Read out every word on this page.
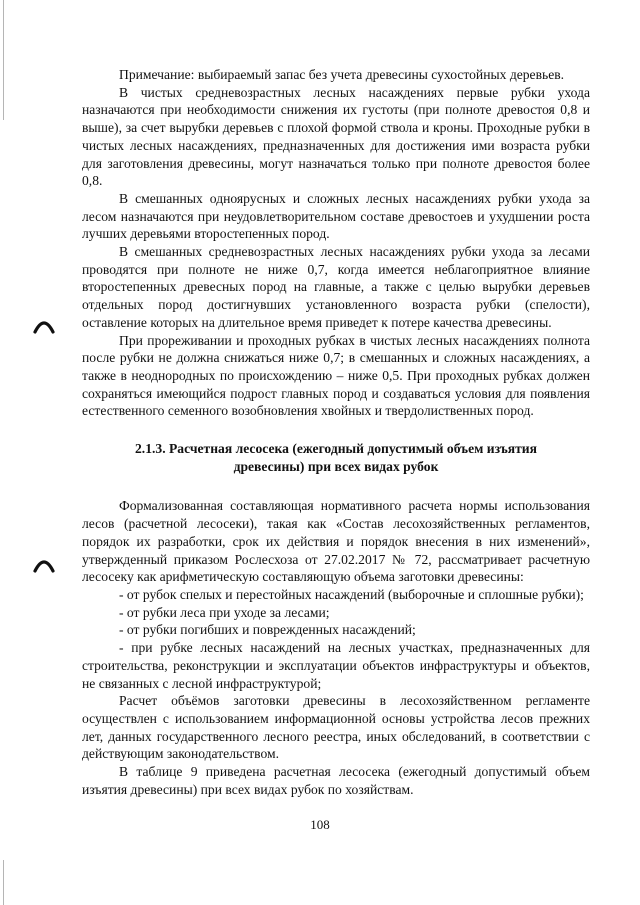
Примечание: выбираемый запас без учета древесины сухостойных деревьев.

В чистых средневозрастных лесных насаждениях первые рубки ухода назначаются при необходимости снижения их густоты (при полноте древостоя 0,8 и выше), за счет вырубки деревьев с плохой формой ствола и кроны. Проходные рубки в чистых лесных насаждениях, предназначенных для достижения ими возраста рубки для заготовления древесины, могут назначаться только при полноте древостоя более 0,8.

В смешанных одноярусных и сложных лесных насаждениях рубки ухода за лесом назначаются при неудовлетворительном составе древостоев и ухудшении роста лучших деревьями второстепенных пород.

В смешанных средневозрастных лесных насаждениях рубки ухода за лесами проводятся при полноте не ниже 0,7, когда имеется неблагоприятное влияние второстепенных древесных пород на главные, а также с целью вырубки деревьев отдельных пород достигнувших установленного возраста рубки (спелости), оставление которых на длительное время приведет к потере качества древесины.

При прореживании и проходных рубках в чистых лесных насаждениях полнота после рубки не должна снижаться ниже 0,7; в смешанных и сложных насаждениях, а также в неоднородных по происхождению – ниже 0,5. При проходных рубках должен сохраняться имеющийся подрост главных пород и создаваться условия для появления естественного семенного возобновления хвойных и твердолиственных пород.

2.1.3. Расчетная лесосека (ежегодный допустимый объем изъятия
древесины) при всех видах рубок

Формализованная составляющая нормативного расчета нормы использования лесов (расчетной лесосеки), такая как «Состав лесохозяйственных регламентов, порядок их разработки, срок их действия и порядок внесения в них изменений», утвержденный приказом Рослесхоза от 27.02.2017 № 72, рассматривает расчетную лесосеку как арифметическую составляющую объема заготовки древесины:

- от рубок спелых и перестойных насаждений (выборочные и сплошные рубки);

- от рубки леса при уходе за лесами;

- от рубки погибших и поврежденных насаждений;

- при рубке лесных насаждений на лесных участках, предназначенных для строительства, реконструкции и эксплуатации объектов инфраструктуры и объектов, не связанных с лесной инфраструктурой;

Расчет объёмов заготовки древесины в лесохозяйственном регламенте осуществлен с использованием информационной основы устройства лесов прежних лет, данных государственного лесного реестра, иных обследований, в соответствии с действующим законодательством.

В таблице 9 приведена расчетная лесосека (ежегодный допустимый объем изъятия древесины) при всех видах рубок по хозяйствам.

108
